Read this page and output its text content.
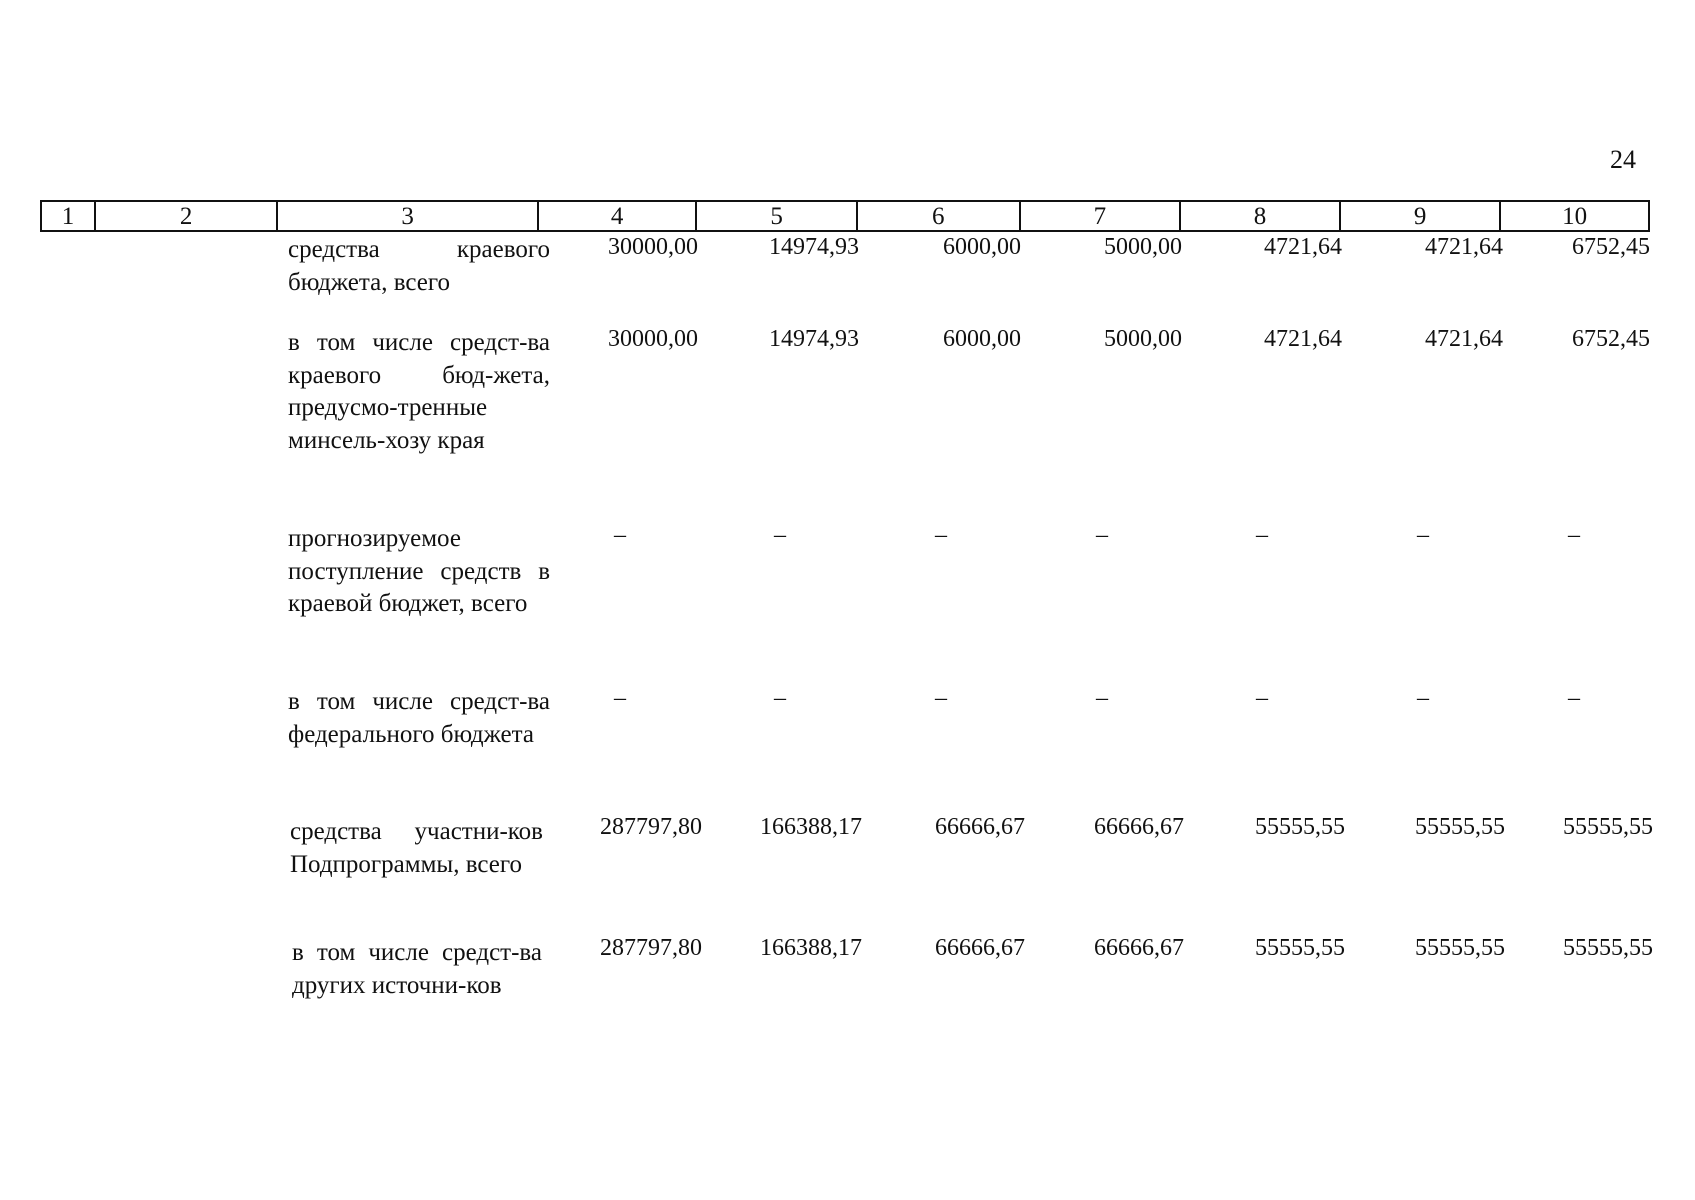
24
1	2	3	4	5	6	7	8	9	10
средства краевого бюджета, всего
30000,00	14974,93	6000,00	5000,00	4721,64	4721,64	6752,45
в том числе средст-ва краевого бюд-жета, предусмо-тренные минсель-хозу края
30000,00	14974,93	6000,00	5000,00	4721,64	4721,64	6752,45
прогнозируемое поступление средств в краевой бюджет, всего
–	–	–	–	–	–	–
в том числе средст-ва федерального бюджета
–	–	–	–	–	–	–
средства участни-ков Подпрограммы, всего
287797,80 166388,17	66666,67	66666,67	55555,55	55555,55 55555,55
в том числе средст-ва других источни-ков
287797,80 166388,17	66666,67	66666,67	55555,55	55555,55 55555,55
